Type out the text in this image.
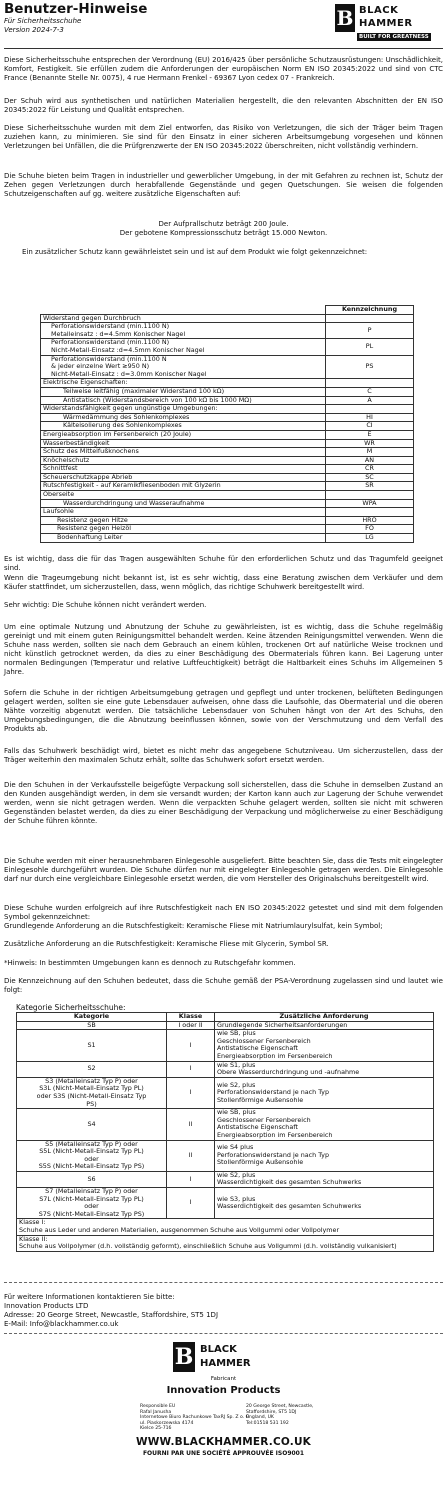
Benutzer-Hinweise
Für Sicherheitsschuhe
Version 2024-7-3	B BLACK
HAMMER
BUILT FOR GREATNESS
Diese Sicherheitsschuhe entsprechen der Verordnung (EU) 2016/425 über persönliche Schutzausrüstungen: Unschädlichkeit, Komfort, Festigkeit. Sie erfüllen zudem die Anforderungen der europäischen Norm EN ISO 20345:2022 und sind von CTC France (Benannte Stelle Nr. 0075), 4 rue Hermann Frenkel - 69367 Lyon cedex 07 - Frankreich.
Der Schuh wird aus synthetischen und natürlichen Materialien hergestellt, die den relevanten Abschnitten der EN ISO 20345:2022 für Leistung und Qualität entsprechen.
Diese Sicherheitsschuhe wurden mit dem Ziel entworfen, das Risiko von Verletzungen, die sich der Träger beim Tragen zuziehen kann, zu minimieren. Sie sind für den Einsatz in einer sicheren Arbeitsumgebung vorgesehen und können Verletzungen bei Unfällen, die die Prüfgrenzwerte der EN ISO 20345:2022 überschreiten, nicht vollständig verhindern.
Die Schuhe bieten beim Tragen in industrieller und gewerblicher Umgebung, in der mit Gefahren zu rechnen ist, Schutz der Zehen gegen Verletzungen durch herabfallende Gegenstände und gegen Quetschungen. Sie weisen die folgenden Schutzeigenschaften auf gg. weitere zusätzliche Eigenschaften auf:
Der Aufprallschutz beträgt 200 Joule.
Der gebotene Kompressionsschutz beträgt 15.000 Newton.
Ein zusätzlicher Schutz kann gewährleistet sein und ist auf dem Produkt wie folgt gekennzeichnet:
	Kennzeichnung
Widerstand gegen Durchbruch	
Perforationswiderstand (min.1100 N)
Metalleinsatz : d=4.5mm Konischer Nagel	P
Perforationswiderstand (min.1100 N)
Nicht-Metall-Einsatz :d=4.5mm Konischer Nagel	PL
Perforationswiderstand (min.1100 N
& jeder einzelne Wert ≥950 N)
Nicht-Metall-Einsatz : d=3.0mm Konischer Nagel	PS
Elektrische Eigenschaften:	
Teilweise leitfähig (maximaler Widerstand 100 kΩ)	C
Antistatisch (Widerstandsbereich von 100 kΩ bis 1000 MΩ)	A
Widerstandsfähigkeit gegen ungünstige Umgebungen:	
Wärmedämmung des Sohlenkomplexes	HI
Kälteisolierung des Sohlenkomplexes	CI
Energieabsorption im Fersenbereich (20 Joule)	E
Wasserbeständigkeit	WR
Schutz des Mittelfußknochens	M
Knöchelschutz	AN
Schnittfest	CR
Scheuerschutzkappe Abrieb	SC
Rutschfestigkeit - auf Keramikfliesenboden mit Glyzerin	SR
Oberseite	
Wasserdurchdringung und Wasseraufnahme	WPA
Laufsohle	
Resistenz gegen Hitze	HRO
Resistenz gegen Heizöl	FO
Bodenhaftung Leiter	LG
Es ist wichtig, dass die für das Tragen ausgewählten Schuhe für den erforderlichen Schutz und das Tragumfeld geeignet sind.
Wenn die Trageumgebung nicht bekannt ist, ist es sehr wichtig, dass eine Beratung zwischen dem Verkäufer und dem Käufer stattfindet, um sicherzustellen, dass, wenn möglich, das richtige Schuhwerk bereitgestellt wird.
Sehr wichtig: Die Schuhe können nicht verändert werden.
Um eine optimale Nutzung und Abnutzung der Schuhe zu gewährleisten, ist es wichtig, dass die Schuhe regelmäßig gereinigt und mit einem guten Reinigungsmittel behandelt werden. Keine ätzenden Reinigungsmittel verwenden. Wenn die Schuhe nass werden, sollten sie nach dem Gebrauch an einem kühlen, trockenen Ort auf natürliche Weise trocknen und nicht künstlich getrocknet werden, da dies zu einer Beschädigung des Obermaterials führen kann. Bei Lagerung unter normalen Bedingungen (Temperatur und relative Luftfeuchtigkeit) beträgt die Haltbarkeit eines Schuhs im Allgemeinen 5 Jahre.
Sofern die Schuhe in der richtigen Arbeitsumgebung getragen und gepflegt und unter trockenen, belüfteten Bedingungen gelagert werden, sollten sie eine gute Lebensdauer aufweisen, ohne dass die Laufsohle, das Obermaterial und die oberen Nähte vorzeitig abgenutzt werden. Die tatsächliche Lebensdauer von Schuhen hängt von der Art des Schuhs, den Umgebungsbedingungen, die die Abnutzung beeinflussen können, sowie von der Verschmutzung und dem Verfall des Produkts ab.
Falls das Schuhwerk beschädigt wird, bietet es nicht mehr das angegebene Schutzniveau. Um sicherzustellen, dass der Träger weiterhin den maximalen Schutz erhält, sollte das Schuhwerk sofort ersetzt werden.
Die den Schuhen in der Verkaufsstelle beigefügte Verpackung soll sicherstellen, dass die Schuhe in demselben Zustand an den Kunden ausgehändigt werden, in dem sie versandt wurden; der Karton kann auch zur Lagerung der Schuhe verwendet werden, wenn sie nicht getragen werden. Wenn die verpackten Schuhe gelagert werden, sollten sie nicht mit schweren Gegenständen belastet werden, da dies zu einer Beschädigung der Verpackung und möglicherweise zu einer Beschädigung der Schuhe führen könnte.
Die Schuhe werden mit einer herausnehmbaren Einlegesohle ausgeliefert. Bitte beachten Sie, dass die Tests mit eingelegter Einlegesohle durchgeführt wurden. Die Schuhe dürfen nur mit eingelegter Einlegesohle getragen werden. Die Einlegesohle darf nur durch eine vergleichbare Einlegesohle ersetzt werden, die vom Hersteller des Originalschuhs bereitgestellt wird.
Diese Schuhe wurden erfolgreich auf ihre Rutschfestigkeit nach EN ISO 20345:2022 getestet und sind mit dem folgenden Symbol gekennzeichnet:
Grundlegende Anforderung an die Rutschfestigkeit: Keramische Fliese mit Natriumlaurylsulfat, kein Symbol;
Zusätzliche Anforderung an die Rutschfestigkeit: Keramische Fliese mit Glycerin, Symbol SR.
*Hinweis: In bestimmten Umgebungen kann es dennoch zu Rutschgefahr kommen.
Die Kennzeichnung auf den Schuhen bedeutet, dass die Schuhe gemäß der PSA-Verordnung zugelassen sind und lautet wie folgt:
Kategorie Sicherheitsschuhe:
Kategorie	Klasse	Zusätzliche Anforderung
SB	I oder II	Grundlegende Sicherheitsanforderungen
S1	I	wie SB, plus
Geschlossener Fersenbereich
Antistatische Eigenschaft
Energieabsorption im Fersenbereich
S2	I	wie S1, plus
Obere Wasserdurchdringung und -aufnahme
S3 (Metalleinsatz Typ P) oder
S3L (Nicht-Metall-Einsatz Typ PL)
oder S3S (Nicht-Metall-Einsatz Typ
PS)	I	wie S2, plus
Perforationswiderstand je nach Typ
Stollenförmige Außensohle
S4	II	wie SB, plus
Geschlossener Fersenbereich
Antistatische Eigenschaft
Energieabsorption im Fersenbereich
S5 (Metalleinsatz Typ P) oder
S5L (Nicht-Metall-Einsatz Typ PL)
oder
S5S (Nicht-Metall-Einsatz Typ PS)	II	wie S4 plus
Perforationswiderstand je nach Typ
Stollenförmige Außensohle
S6	I	wie S2, plus
Wasserdichtigkeit des gesamten Schuhwerks
S7 (Metalleinsatz Typ P) oder
S7L (Nicht-Metall-Einsatz Typ PL)
oder
S7S (Nicht-Metall-Einsatz Typ PS)	I	wie S3, plus
Wasserdichtigkeit des gesamten Schuhwerks
Klasse I:
Schuhe aus Leder und anderen Materialien, ausgenommen Schuhe aus Vollgummi oder Vollpolymer		
Klasse II:
Schuhe aus Vollpolymer (d.h. vollständig geformt), einschließlich Schuhe aus Vollgummi (d.h. vollständig vulkanisiert)		
Für weitere Informationen kontaktieren Sie bitte:
Innovation Products LTD
Adresse: 20 George Street, Newcastle, Staffordshire, ST5 1DJ
E-Mail: Info@blackhammer.co.uk
B BLACK
HAMMER
Fabricant
Innovation Products
Responsible EU
Rafal Janusha
Internetowe Biuro Rachunkowe TaxRJ Sp. Z o. O
ul. Piaskorzewska 4174
Kielce 25-716
20 George Street, Newcastle,
Staffordshire, ST5 1DJ
England, UK
Tel:01518 531 192
WWW.BLACKHAMMER.CO.UK
FOURNI PAR UNE SOCIÉTÉ APPROUVÉE ISO9001
